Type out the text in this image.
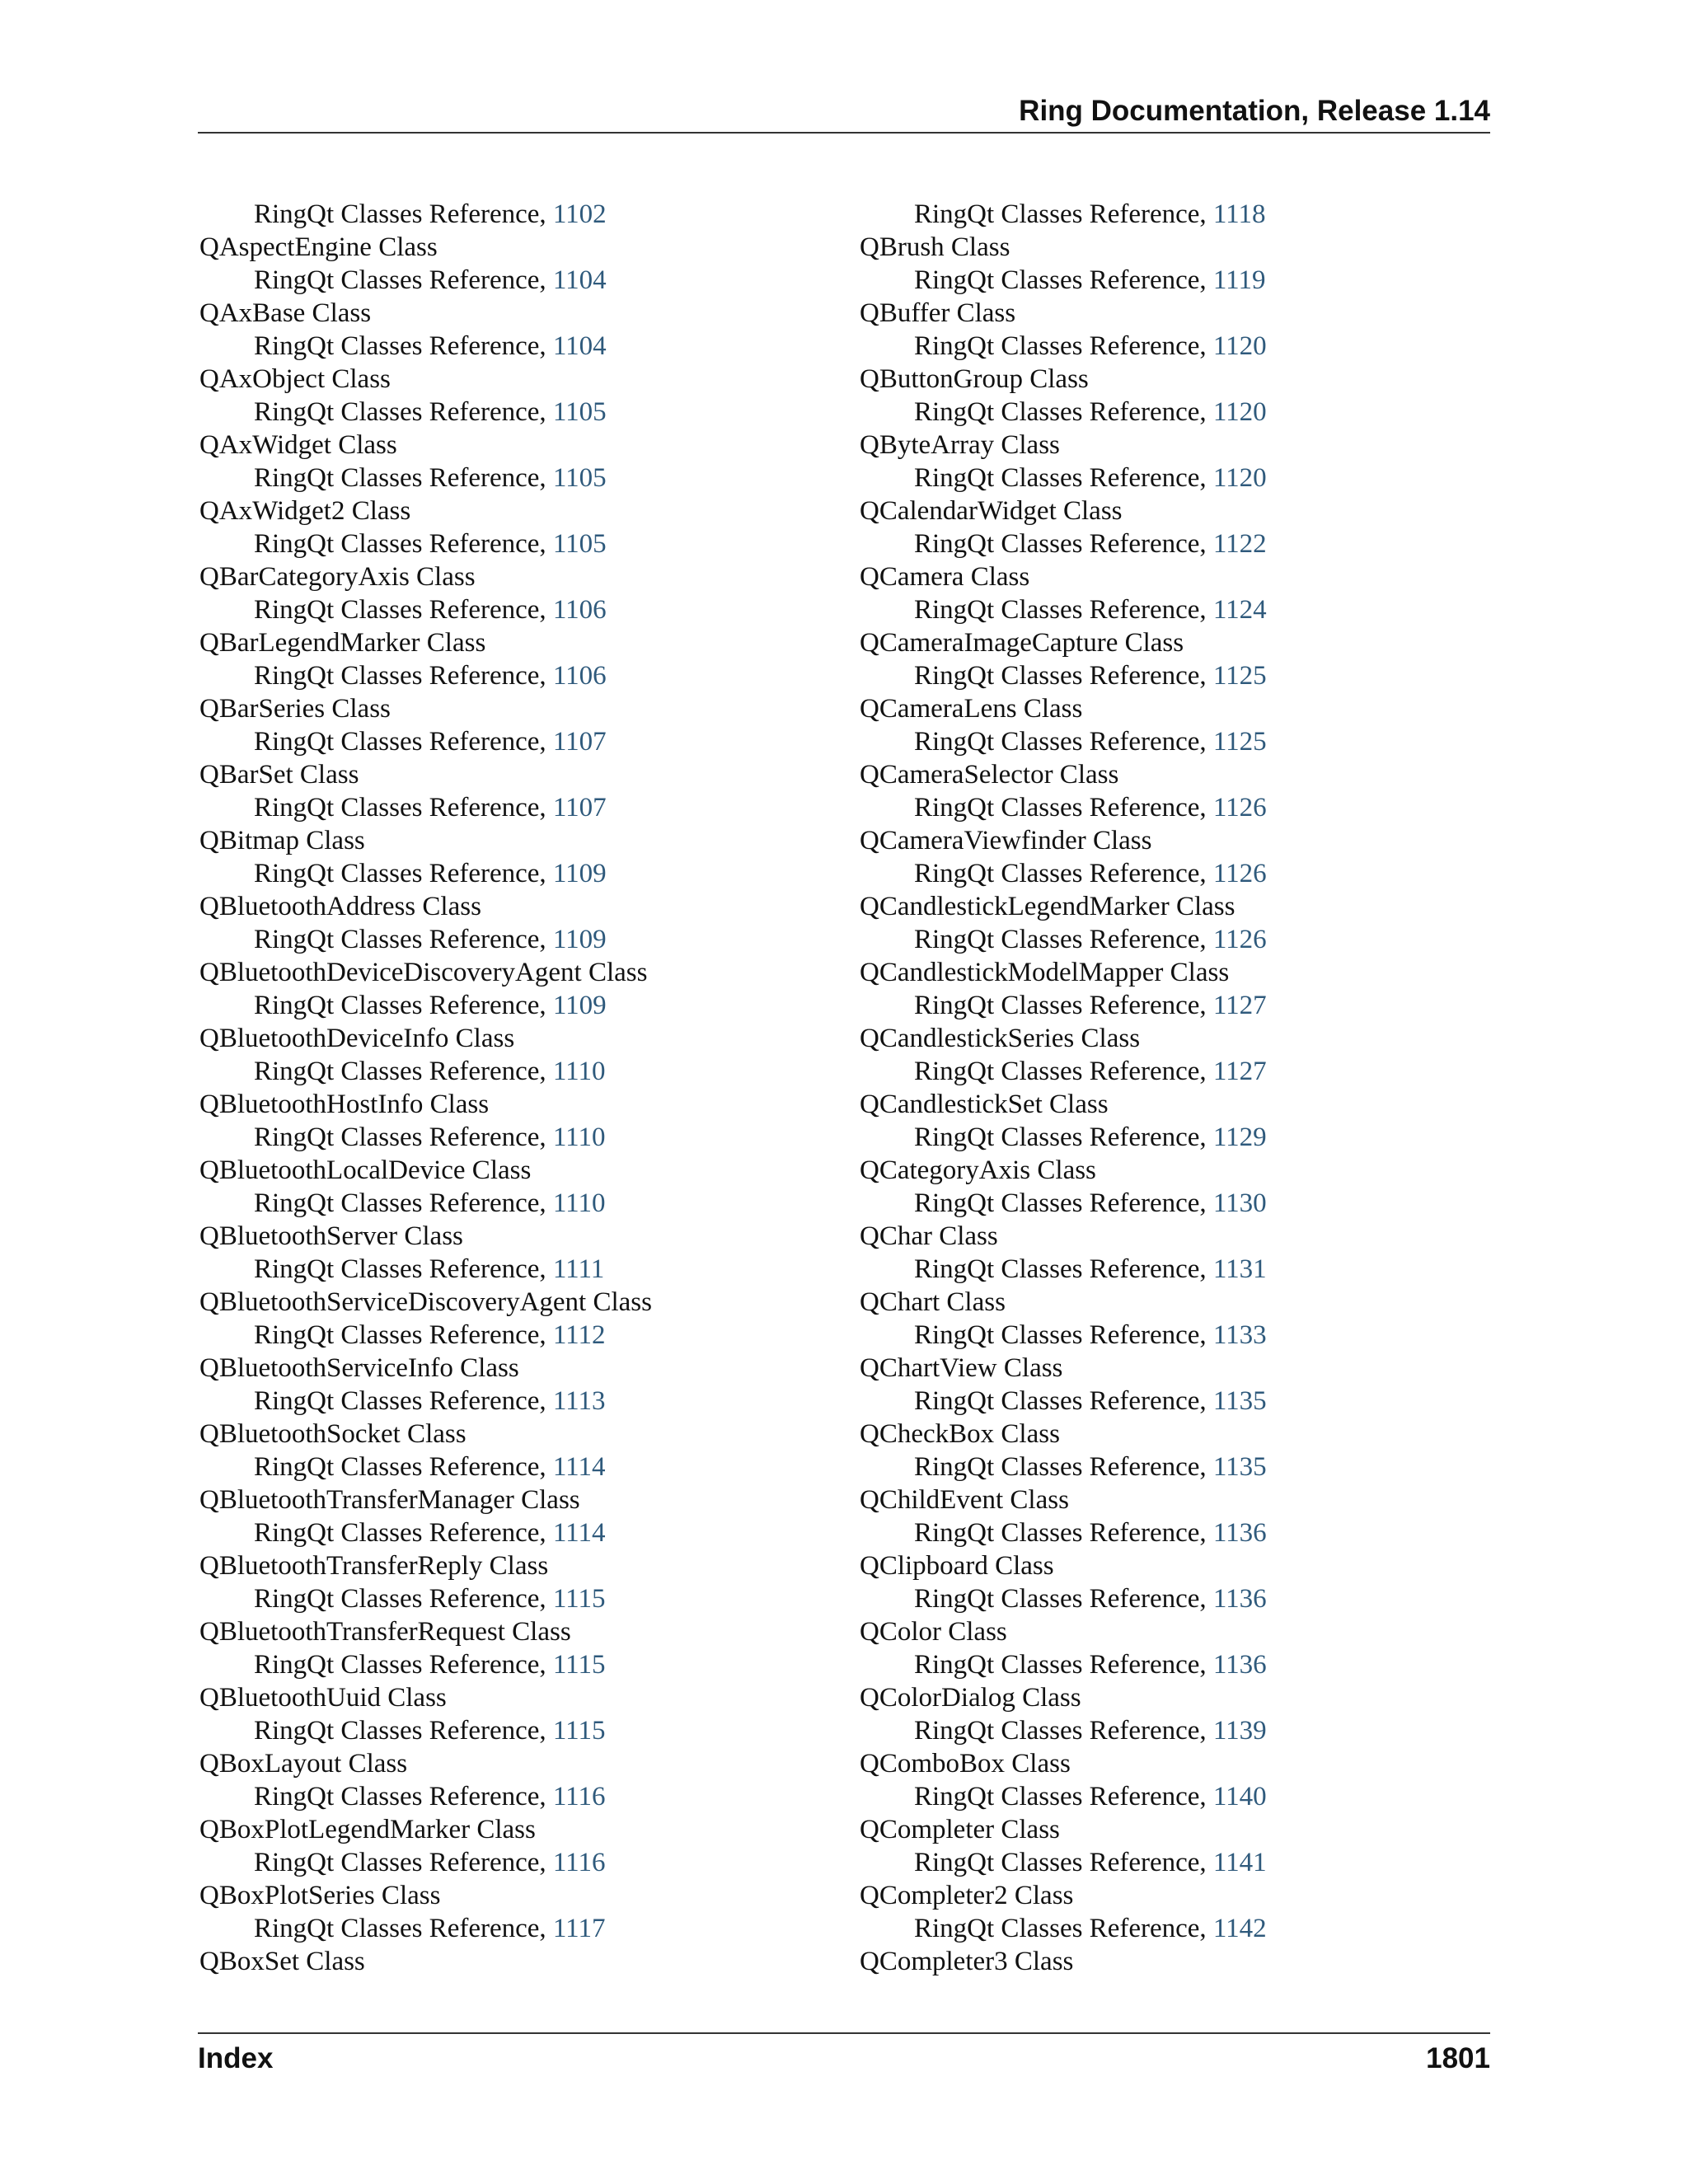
Ring Documentation, Release 1.14
RingQt Classes Reference, 1102
QAspectEngine Class
RingQt Classes Reference, 1104
QAxBase Class
RingQt Classes Reference, 1104
QAxObject Class
RingQt Classes Reference, 1105
QAxWidget Class
RingQt Classes Reference, 1105
QAxWidget2 Class
RingQt Classes Reference, 1105
QBarCategoryAxis Class
RingQt Classes Reference, 1106
QBarLegendMarker Class
RingQt Classes Reference, 1106
QBarSeries Class
RingQt Classes Reference, 1107
QBarSet Class
RingQt Classes Reference, 1107
QBitmap Class
RingQt Classes Reference, 1109
QBluetoothAddress Class
RingQt Classes Reference, 1109
QBluetoothDeviceDiscoveryAgent Class
RingQt Classes Reference, 1109
QBluetoothDeviceInfo Class
RingQt Classes Reference, 1110
QBluetoothHostInfo Class
RingQt Classes Reference, 1110
QBluetoothLocalDevice Class
RingQt Classes Reference, 1110
QBluetoothServer Class
RingQt Classes Reference, 1111
QBluetoothServiceDiscoveryAgent Class
RingQt Classes Reference, 1112
QBluetoothServiceInfo Class
RingQt Classes Reference, 1113
QBluetoothSocket Class
RingQt Classes Reference, 1114
QBluetoothTransferManager Class
RingQt Classes Reference, 1114
QBluetoothTransferReply Class
RingQt Classes Reference, 1115
QBluetoothTransferRequest Class
RingQt Classes Reference, 1115
QBluetoothUuid Class
RingQt Classes Reference, 1115
QBoxLayout Class
RingQt Classes Reference, 1116
QBoxPlotLegendMarker Class
RingQt Classes Reference, 1116
QBoxPlotSeries Class
RingQt Classes Reference, 1117
QBoxSet Class
RingQt Classes Reference, 1118
QBrush Class
RingQt Classes Reference, 1119
QBuffer Class
RingQt Classes Reference, 1120
QButtonGroup Class
RingQt Classes Reference, 1120
QByteArray Class
RingQt Classes Reference, 1120
QCalendarWidget Class
RingQt Classes Reference, 1122
QCamera Class
RingQt Classes Reference, 1124
QCameraImageCapture Class
RingQt Classes Reference, 1125
QCameraLens Class
RingQt Classes Reference, 1125
QCameraSelector Class
RingQt Classes Reference, 1126
QCameraViewfinder Class
RingQt Classes Reference, 1126
QCandlestickLegendMarker Class
RingQt Classes Reference, 1126
QCandlestickModelMapper Class
RingQt Classes Reference, 1127
QCandlestickSeries Class
RingQt Classes Reference, 1127
QCandlestickSet Class
RingQt Classes Reference, 1129
QCategoryAxis Class
RingQt Classes Reference, 1130
QChar Class
RingQt Classes Reference, 1131
QChart Class
RingQt Classes Reference, 1133
QChartView Class
RingQt Classes Reference, 1135
QCheckBox Class
RingQt Classes Reference, 1135
QChildEvent Class
RingQt Classes Reference, 1136
QClipboard Class
RingQt Classes Reference, 1136
QColor Class
RingQt Classes Reference, 1136
QColorDialog Class
RingQt Classes Reference, 1139
QComboBox Class
RingQt Classes Reference, 1140
QCompleter Class
RingQt Classes Reference, 1141
QCompleter2 Class
RingQt Classes Reference, 1142
QCompleter3 Class
Index	1801
